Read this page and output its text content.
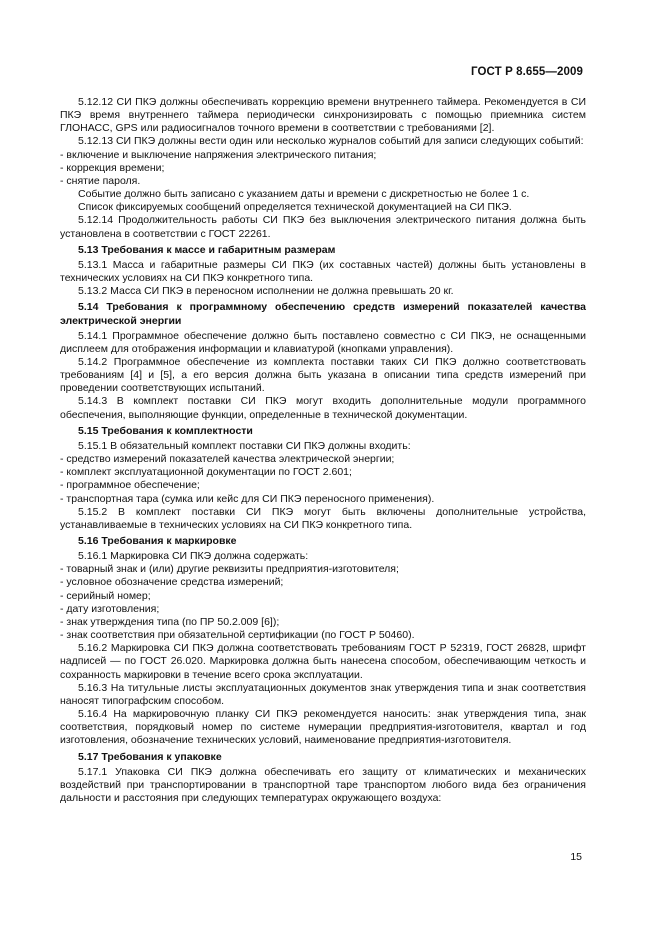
ГОСТ Р 8.655—2009

5.12.12 СИ ПКЭ должны обеспечивать коррекцию времени внутреннего таймера. Рекомендуется в СИ ПКЭ время внутреннего таймера периодически синхронизировать с помощью приемника систем ГЛОНАСС, GPS или радиосигналов точного времени в соответствии с требованиями [2].

5.12.13 СИ ПКЭ должны вести один или несколько журналов событий для записи следующих событий:

- включение и выключение напряжения электрического питания;

- коррекция времени;

- снятие пароля.

Событие должно быть записано с указанием даты и времени с дискретностью не более 1 с.

Список фиксируемых сообщений определяется технической документацией на СИ ПКЭ.

5.12.14 Продолжительность работы СИ ПКЭ без выключения электрического питания должна быть установлена в соответствии с ГОСТ 22261.

5.13 Требования к массе и габаритным размерам

5.13.1 Масса и габаритные размеры СИ ПКЭ (их составных частей) должны быть установлены в технических условиях на СИ ПКЭ конкретного типа.

5.13.2 Масса СИ ПКЭ в переносном исполнении не должна превышать 20 кг.

5.14 Требования к программному обеспечению средств измерений показателей качества электрической энергии

5.14.1 Программное обеспечение должно быть поставлено совместно с СИ ПКЭ, не оснащенными дисплеем для отображения информации и клавиатурой (кнопками управления).

5.14.2 Программное обеспечение из комплекта поставки таких СИ ПКЭ должно соответствовать требованиям [4] и [5], а его версия должна быть указана в описании типа средств измерений при проведении соответствующих испытаний.

5.14.3 В комплект поставки СИ ПКЭ могут входить дополнительные модули программного обеспечения, выполняющие функции, определенные в технической документации.

5.15 Требования к комплектности

5.15.1 В обязательный комплект поставки СИ ПКЭ должны входить:

- средство измерений показателей качества электрической энергии;

- комплект эксплуатационной документации по ГОСТ 2.601;

- программное обеспечение;

- транспортная тара (сумка или кейс для СИ ПКЭ переносного применения).

5.15.2 В комплект поставки СИ ПКЭ могут быть включены дополнительные устройства, устанавливаемые в технических условиях на СИ ПКЭ конкретного типа.

5.16 Требования к маркировке

5.16.1 Маркировка СИ ПКЭ должна содержать:

- товарный знак и (или) другие реквизиты предприятия-изготовителя;

- условное обозначение средства измерений;

- серийный номер;

- дату изготовления;

- знак утверждения типа (по ПР 50.2.009 [6]);

- знак соответствия при обязательной сертификации (по ГОСТ Р 50460).

5.16.2 Маркировка СИ ПКЭ должна соответствовать требованиям ГОСТ Р 52319, ГОСТ 26828, шрифт надписей — по ГОСТ 26.020. Маркировка должна быть нанесена способом, обеспечивающим четкость и сохранность маркировки в течение всего срока эксплуатации.

5.16.3 На титульные листы эксплуатационных документов знак утверждения типа и знак соответствия наносят типографским способом.

5.16.4 На маркировочную планку СИ ПКЭ рекомендуется наносить: знак утверждения типа, знак соответствия, порядковый номер по системе нумерации предприятия-изготовителя, квартал и год изготовления, обозначение технических условий, наименование предприятия-изготовителя.

5.17 Требования к упаковке

5.17.1 Упаковка СИ ПКЭ должна обеспечивать его защиту от климатических и механических воздействий при транспортировании в транспортной таре транспортом любого вида без ограничения дальности и расстояния при следующих температурах окружающего воздуха:

15
